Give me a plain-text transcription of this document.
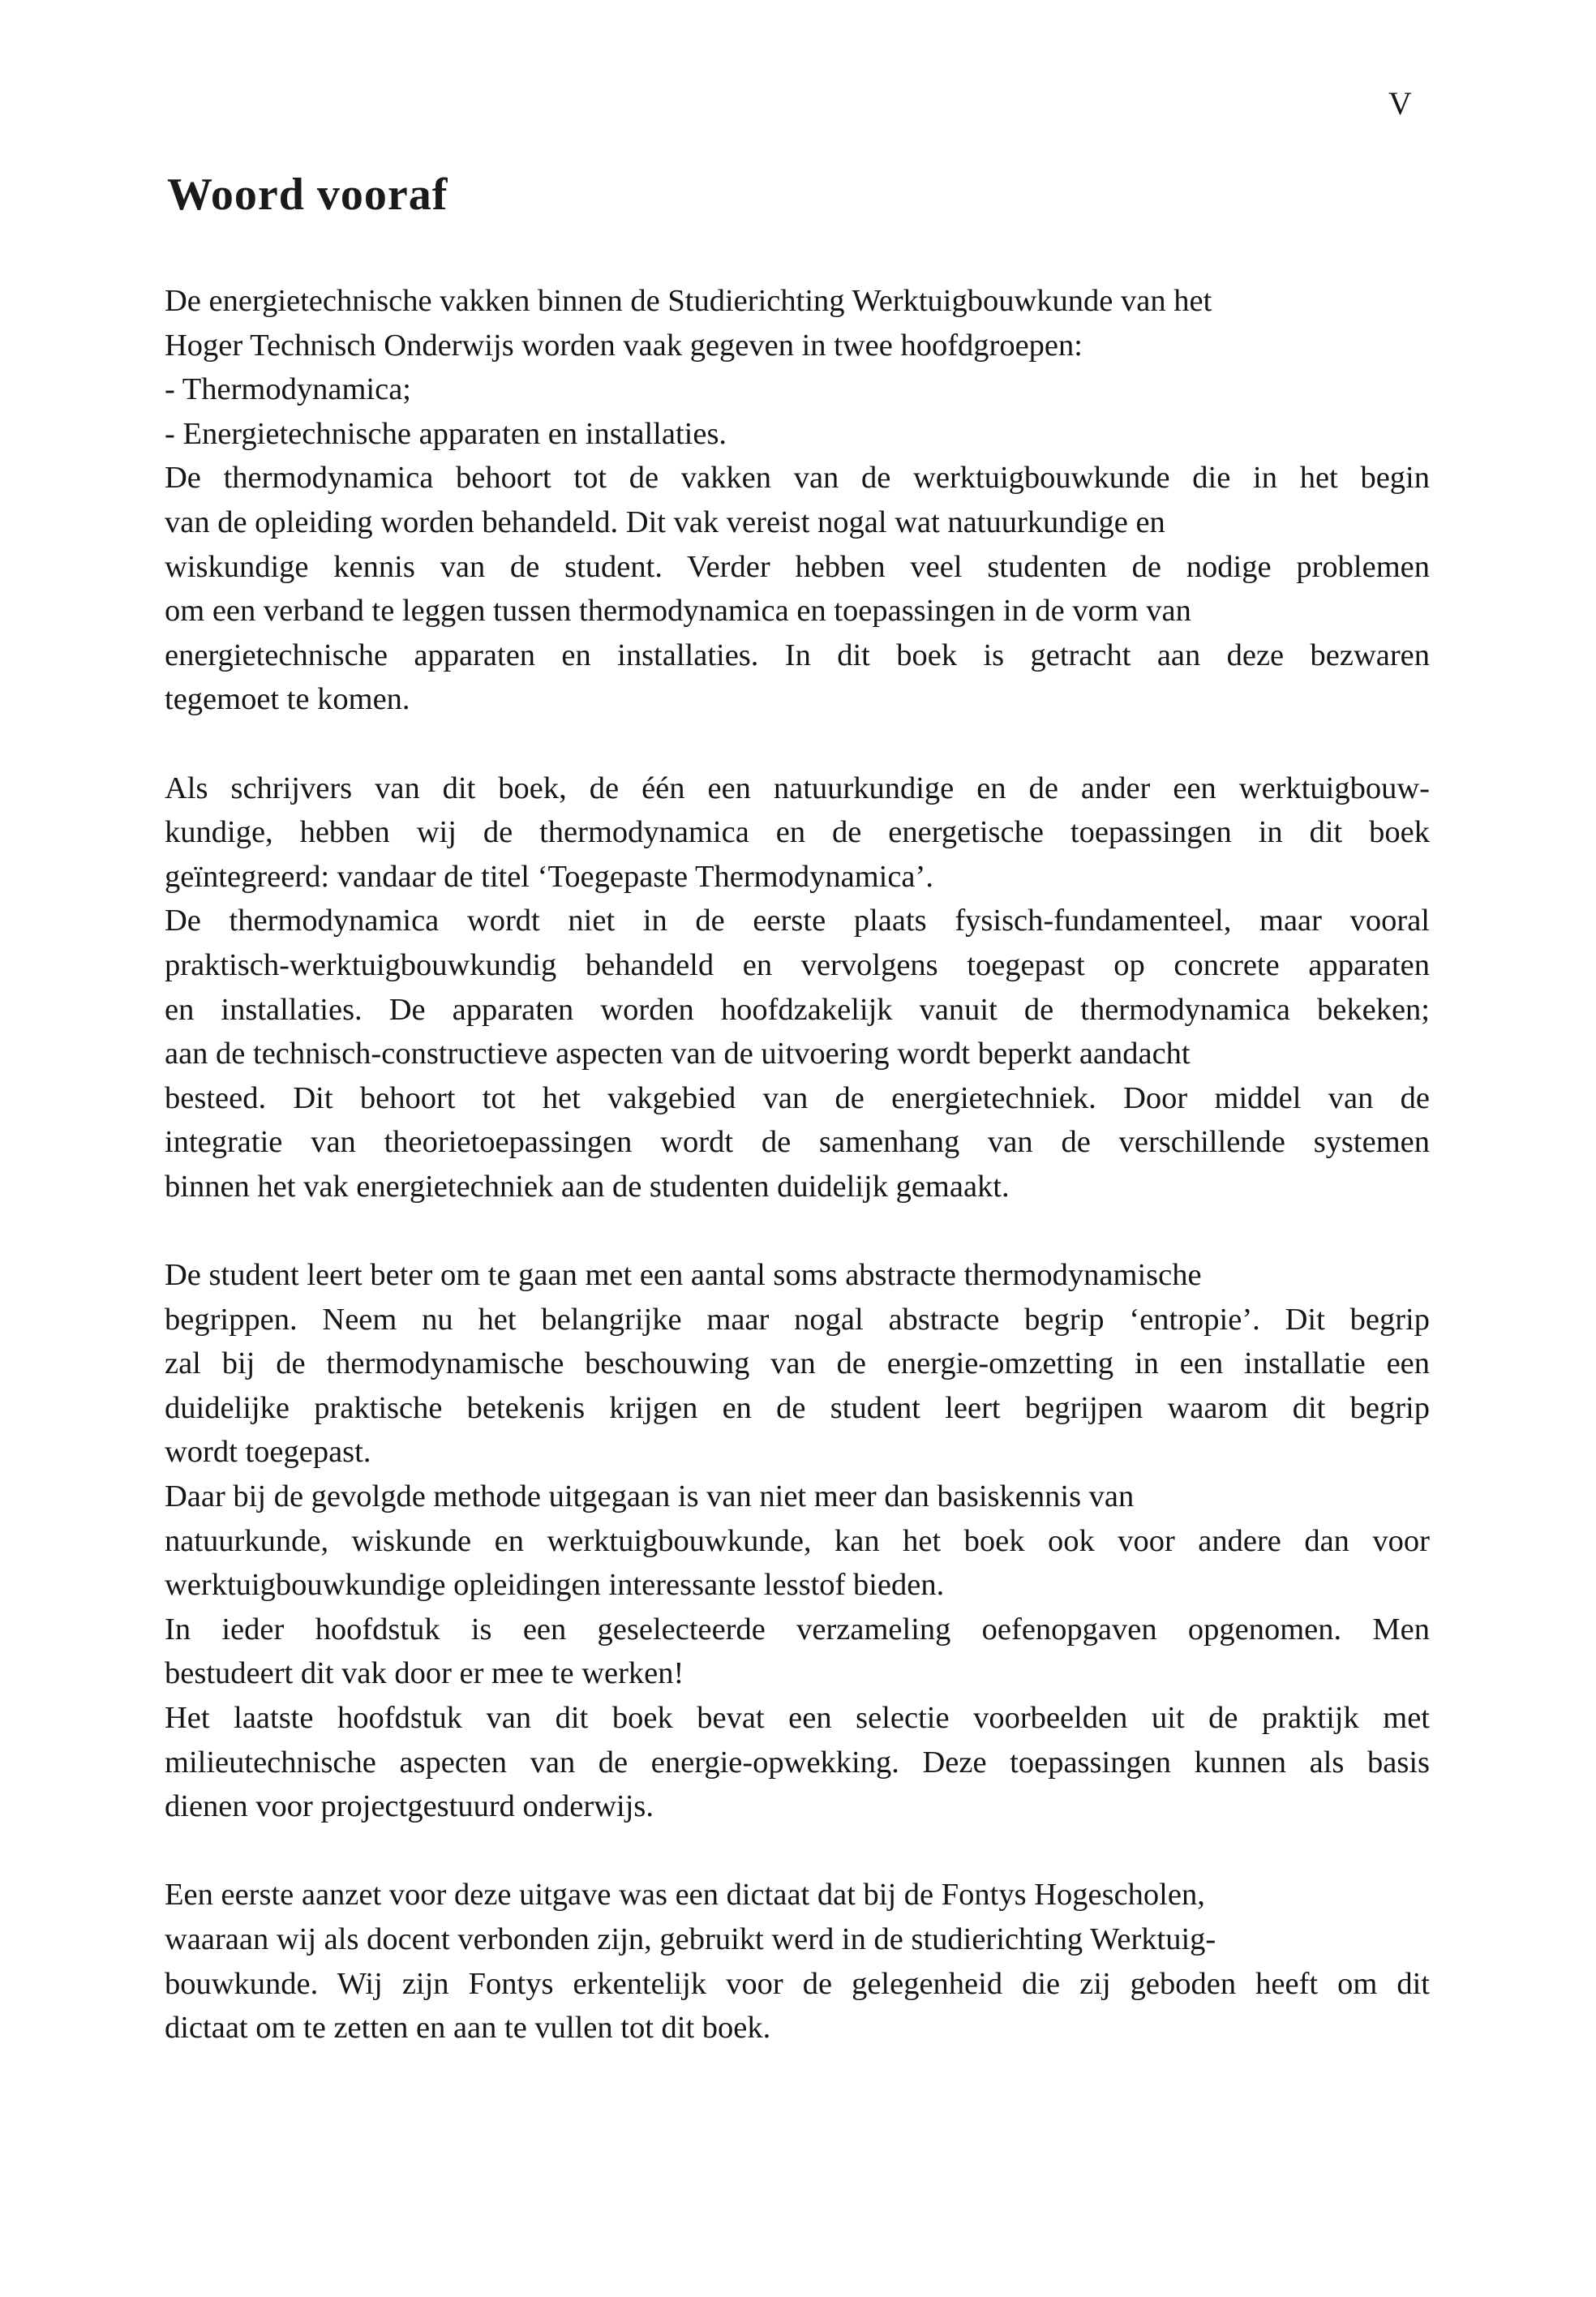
V
Woord vooraf

De energietechnische vakken binnen de Studierichting Werktuigbouwkunde van het
Hoger Technisch Onderwijs worden vaak gegeven in twee hoofdgroepen:
- Thermodynamica;
- Energietechnische apparaten en installaties.
De thermodynamica behoort tot de vakken van de werktuigbouwkunde die in het begin
van de opleiding worden behandeld. Dit vak vereist nogal wat natuurkundige en
wiskundige kennis van de student. Verder hebben veel studenten de nodige problemen
om een verband te leggen tussen thermodynamica en toepassingen in de vorm van
energietechnische apparaten en installaties. In dit boek is getracht aan deze bezwaren
tegemoet te komen.

Als schrijvers van dit boek, de één een natuurkundige en de ander een werktuigbouw-
kundige, hebben wij de thermodynamica en de energetische toepassingen in dit boek
geïntegreerd: vandaar de titel ‘Toegepaste Thermodynamica’.
De thermodynamica wordt niet in de eerste plaats fysisch-fundamenteel, maar vooral
praktisch-werktuigbouwkundig behandeld en vervolgens toegepast op concrete apparaten
en installaties. De apparaten worden hoofdzakelijk vanuit de thermodynamica bekeken;
aan de technisch-constructieve aspecten van de uitvoering wordt beperkt aandacht
besteed. Dit behoort tot het vakgebied van de energietechniek. Door middel van de
integratie van theorietoepassingen wordt de samenhang van de verschillende systemen
binnen het vak energietechniek aan de studenten duidelijk gemaakt.

De student leert beter om te gaan met een aantal soms abstracte thermodynamische
begrippen. Neem nu het belangrijke maar nogal abstracte begrip ‘entropie’. Dit begrip
zal bij de thermodynamische beschouwing van de energie-omzetting in een installatie een
duidelijke praktische betekenis krijgen en de student leert begrijpen waarom dit begrip
wordt toegepast.
Daar bij de gevolgde methode uitgegaan is van niet meer dan basiskennis van
natuurkunde, wiskunde en werktuigbouwkunde, kan het boek ook voor andere dan voor
werktuigbouwkundige opleidingen interessante lesstof bieden.
In ieder hoofdstuk is een geselecteerde verzameling oefenopgaven opgenomen. Men
bestudeert dit vak door er mee te werken!
Het laatste hoofdstuk van dit boek bevat een selectie voorbeelden uit de praktijk met
milieutechnische aspecten van de energie-opwekking. Deze toepassingen kunnen als basis
dienen voor projectgestuurd onderwijs.

Een eerste aanzet voor deze uitgave was een dictaat dat bij de Fontys Hogescholen,
waaraan wij als docent verbonden zijn, gebruikt werd in de studierichting Werktuig-
bouwkunde. Wij zijn Fontys erkentelijk voor de gelegenheid die zij geboden heeft om dit
dictaat om te zetten en aan te vullen tot dit boek.
